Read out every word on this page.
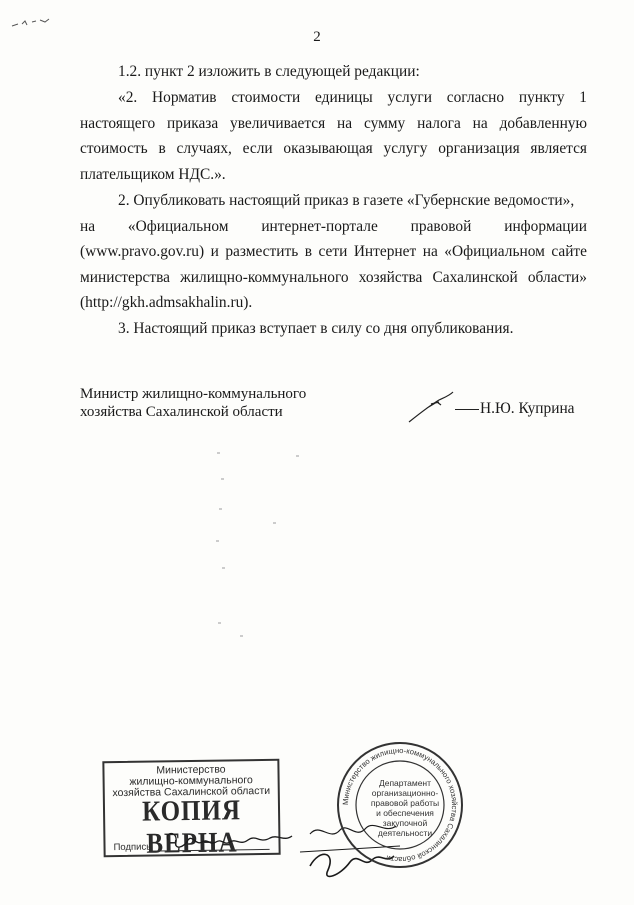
2

1.2. пункт 2 изложить в следующей редакции:

«2. Норматив стоимости единицы услуги согласно пункту 1 настоящего приказа увеличивается на сумму налога на добавленную стоимость в случаях, если оказывающая услугу организация является плательщиком НДС.».

2. Опубликовать настоящий приказ в газете «Губернские ведомости»,

на «Официальном интернет-портале правовой информации

(www.pravo.gov.ru) и разместить в сети Интернет на «Официальном сайте министерства жилищно-коммунального хозяйства Сахалинской области» (http://gkh.admsakhalin.ru).

3. Настоящий приказ вступает в силу со дня опубликования.

Министр жилищно-коммунального
хозяйства Сахалинской области	Н.Ю. Куприна
Министерство
жилищно-коммунального
хозяйства Сахалинской области
КОПИЯ ВЕРНА
Подпись
Министерство жилищно-коммунального хозяйства Сахалинской области
Департамент
организационно-
правовой работы
и обеспечения
закупочной
деятельности
